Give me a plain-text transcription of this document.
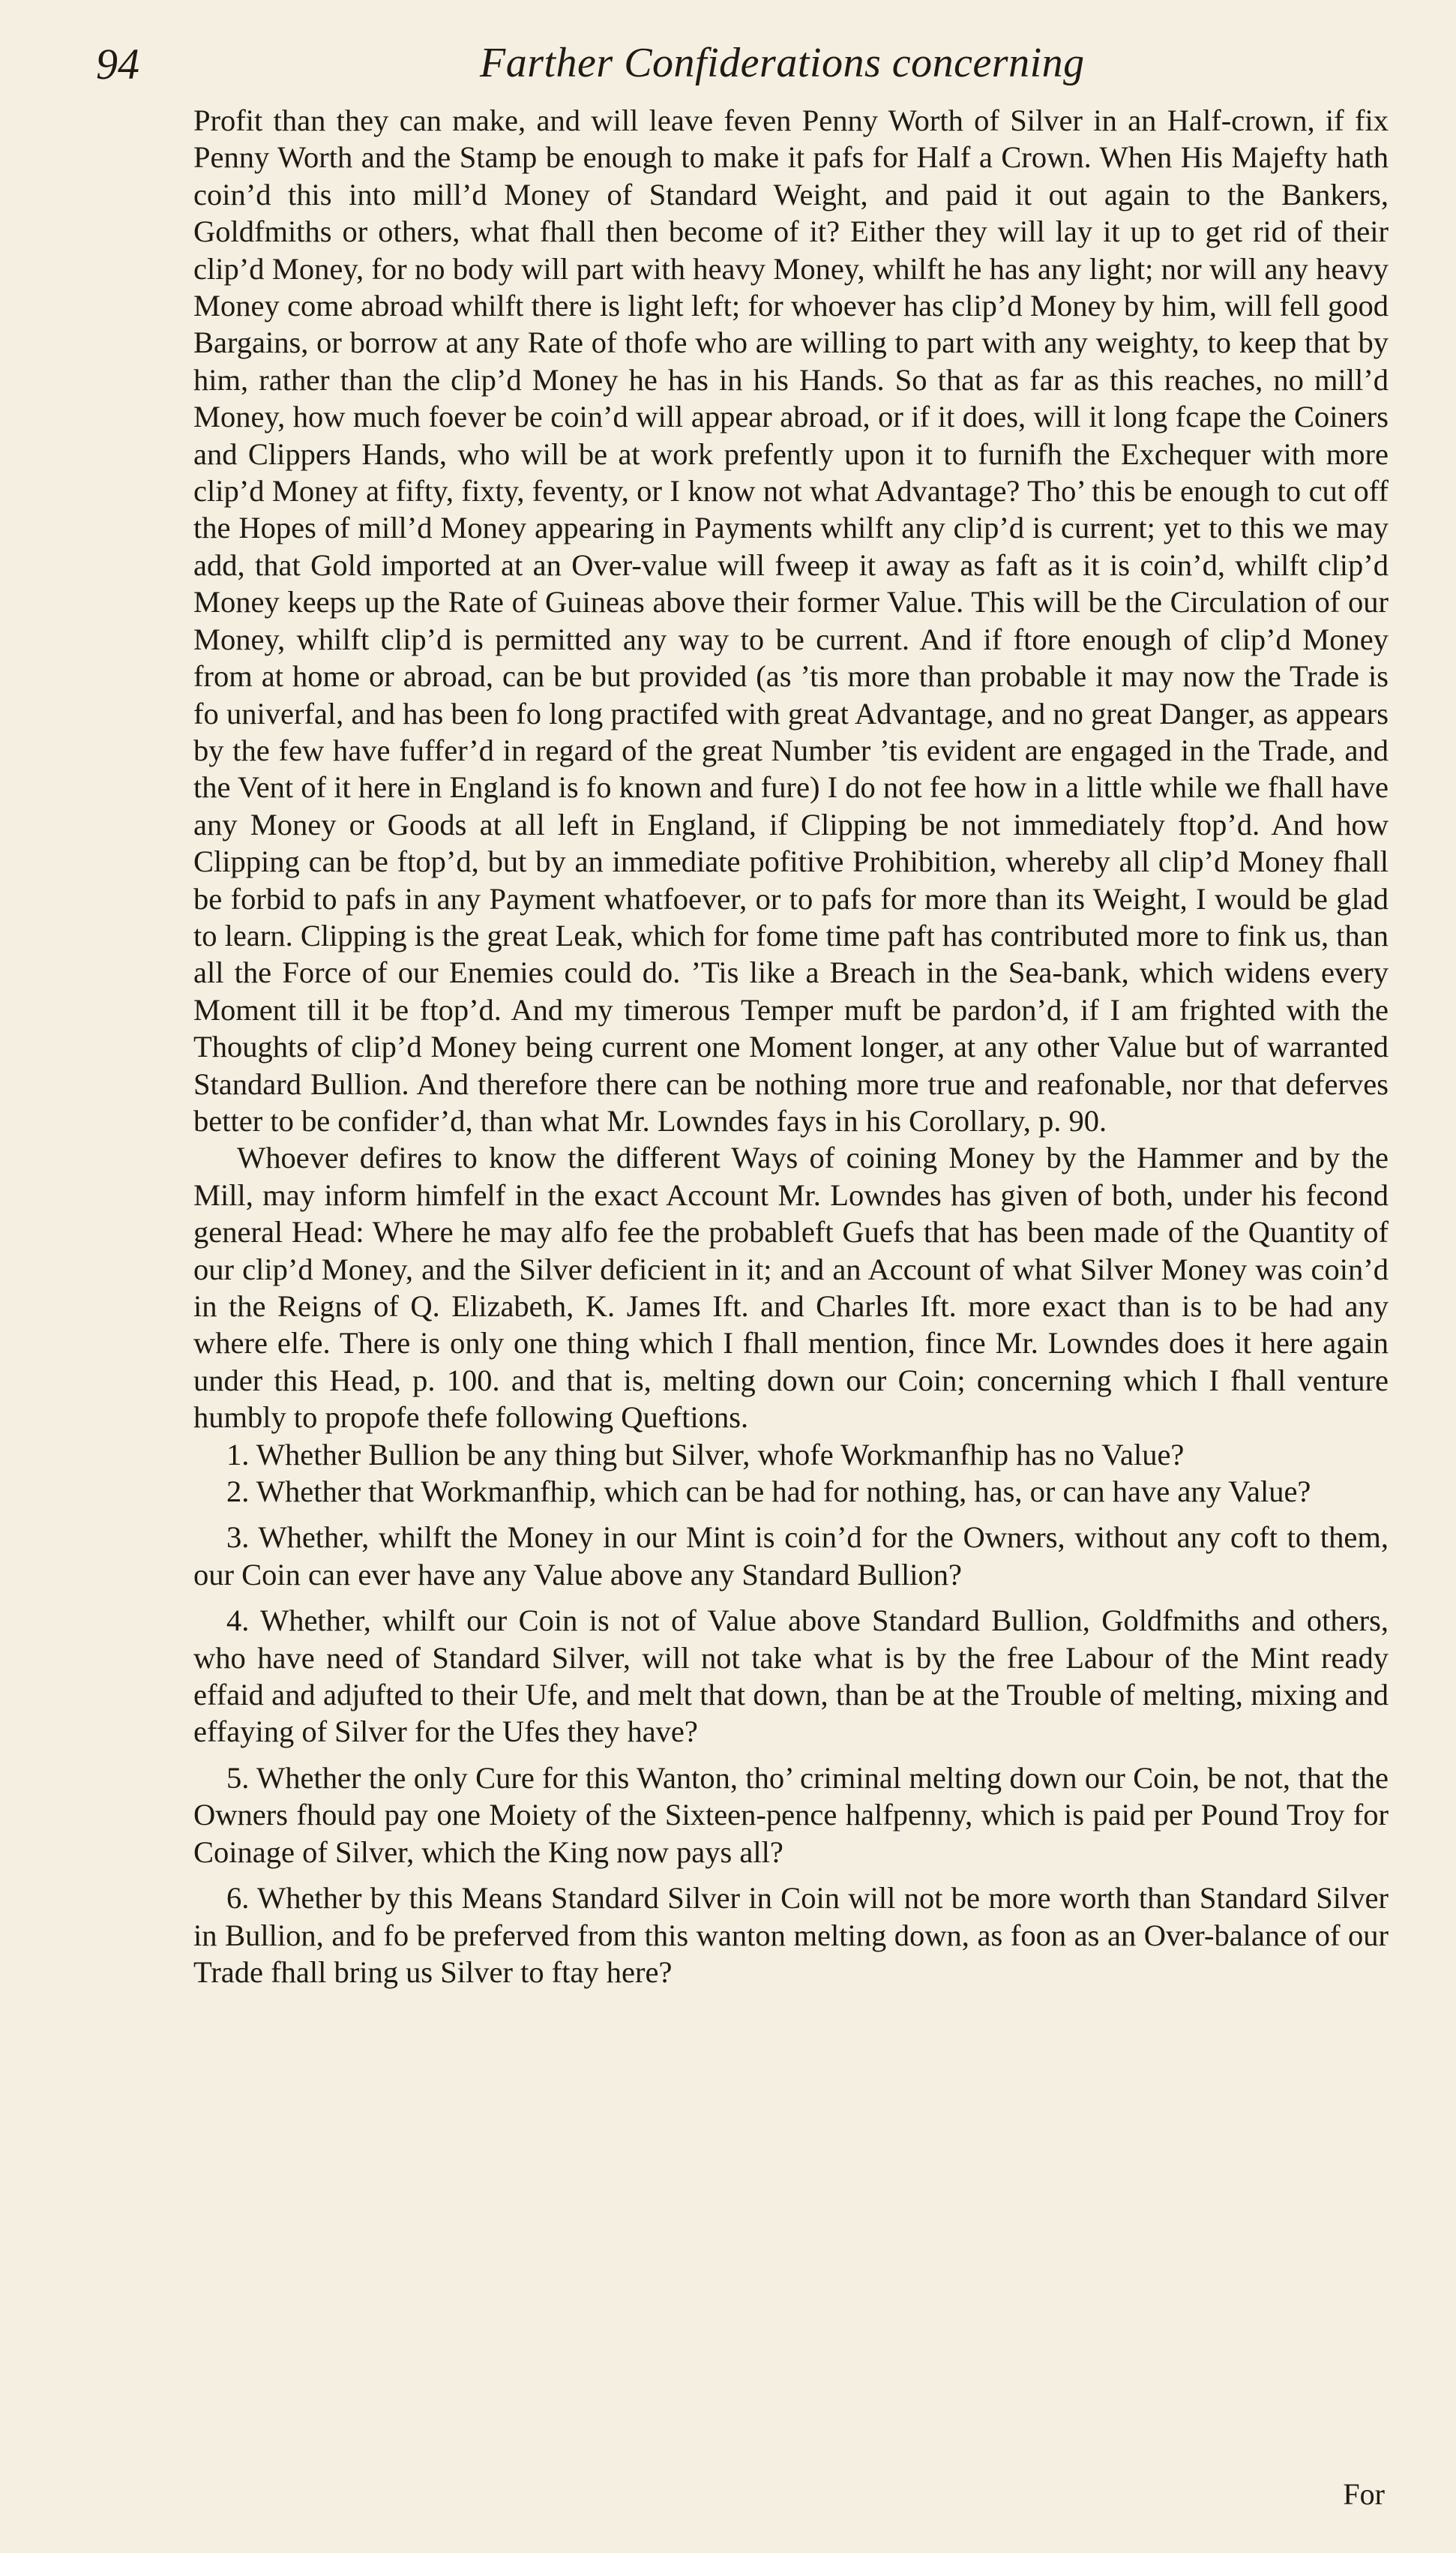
94	Farther Confiderations concerning

Profit than they can make, and will leave feven Penny Worth of Silver in an Half-crown, if fix Penny Worth and the Stamp be enough to make it pafs for Half a Crown. When His Majefty hath coin’d this into mill’d Money of Standard Weight, and paid it out again to the Bankers, Goldfmiths or others, what fhall then become of it? Either they will lay it up to get rid of their clip’d Money, for no body will part with heavy Money, whilft he has any light; nor will any heavy Money come abroad whilft there is light left; for whoever has clip’d Money by him, will fell good Bargains, or borrow at any Rate of thofe who are willing to part with any weighty, to keep that by him, rather than the clip’d Money he has in his Hands. So that as far as this reaches, no mill’d Money, how much foever be coin’d will appear abroad, or if it does, will it long fcape the Coiners and Clippers Hands, who will be at work prefently upon it to furnifh the Exchequer with more clip’d Money at fifty, fixty, feventy, or I know not what Advantage? Tho’ this be enough to cut off the Hopes of mill’d Money appearing in Payments whilft any clip’d is current; yet to this we may add, that Gold imported at an Over-value will fweep it away as faft as it is coin’d, whilft clip’d Money keeps up the Rate of Guineas above their former Value. This will be the Circulation of our Money, whilft clip’d is permitted any way to be current. And if ftore enough of clip’d Money from at home or abroad, can be but provided (as ’tis more than probable it may now the Trade is fo univerfal, and has been fo long practifed with great Advantage, and no great Danger, as appears by the few have fuffer’d in regard of the great Number ’tis evident are engaged in the Trade, and the Vent of it here in England is fo known and fure) I do not fee how in a little while we fhall have any Money or Goods at all left in England, if Clipping be not immediately ftop’d. And how Clipping can be ftop’d, but by an immediate pofitive Prohibition, whereby all clip’d Money fhall be forbid to pafs in any Payment whatfoever, or to pafs for more than its Weight, I would be glad to learn. Clipping is the great Leak, which for fome time paft has contributed more to fink us, than all the Force of our Enemies could do. ’Tis like a Breach in the Sea-bank, which widens every Moment till it be ftop’d. And my timerous Temper muft be pardon’d, if I am frighted with the Thoughts of clip’d Money being current one Moment longer, at any other Value but of warranted Standard Bullion. And therefore there can be nothing more true and reafonable, nor that deferves better to be confider’d, than what Mr. Lowndes fays in his Corollary, p. 90.

Whoever defires to know the different Ways of coining Money by the Hammer and by the Mill, may inform himfelf in the exact Account Mr. Lowndes has given of both, under his fecond general Head: Where he may alfo fee the probableft Guefs that has been made of the Quantity of our clip’d Money, and the Silver deficient in it; and an Account of what Silver Money was coin’d in the Reigns of Q. Elizabeth, K. James Ift. and Charles Ift. more exact than is to be had any where elfe. There is only one thing which I fhall mention, fince Mr. Lowndes does it here again under this Head, p. 100. and that is, melting down our Coin; concerning which I fhall venture humbly to propofe thefe following Queftions.

1. Whether Bullion be any thing but Silver, whofe Workmanfhip has no Value?

2. Whether that Workmanfhip, which can be had for nothing, has, or can have any Value?

3. Whether, whilft the Money in our Mint is coin’d for the Owners, without any coft to them, our Coin can ever have any Value above any Standard Bullion?

4. Whether, whilft our Coin is not of Value above Standard Bullion, Goldfmiths and others, who have need of Standard Silver, will not take what is by the free Labour of the Mint ready effaid and adjufted to their Ufe, and melt that down, than be at the Trouble of melting, mixing and effaying of Silver for the Ufes they have?

5. Whether the only Cure for this Wanton, tho’ criminal melting down our Coin, be not, that the Owners fhould pay one Moiety of the Sixteen-pence halfpenny, which is paid per Pound Troy for Coinage of Silver, which the King now pays all?

6. Whether by this Means Standard Silver in Coin will not be more worth than Standard Silver in Bullion, and fo be preferved from this wanton melting down, as foon as an Over-balance of our Trade fhall bring us Silver to ftay here?

For
